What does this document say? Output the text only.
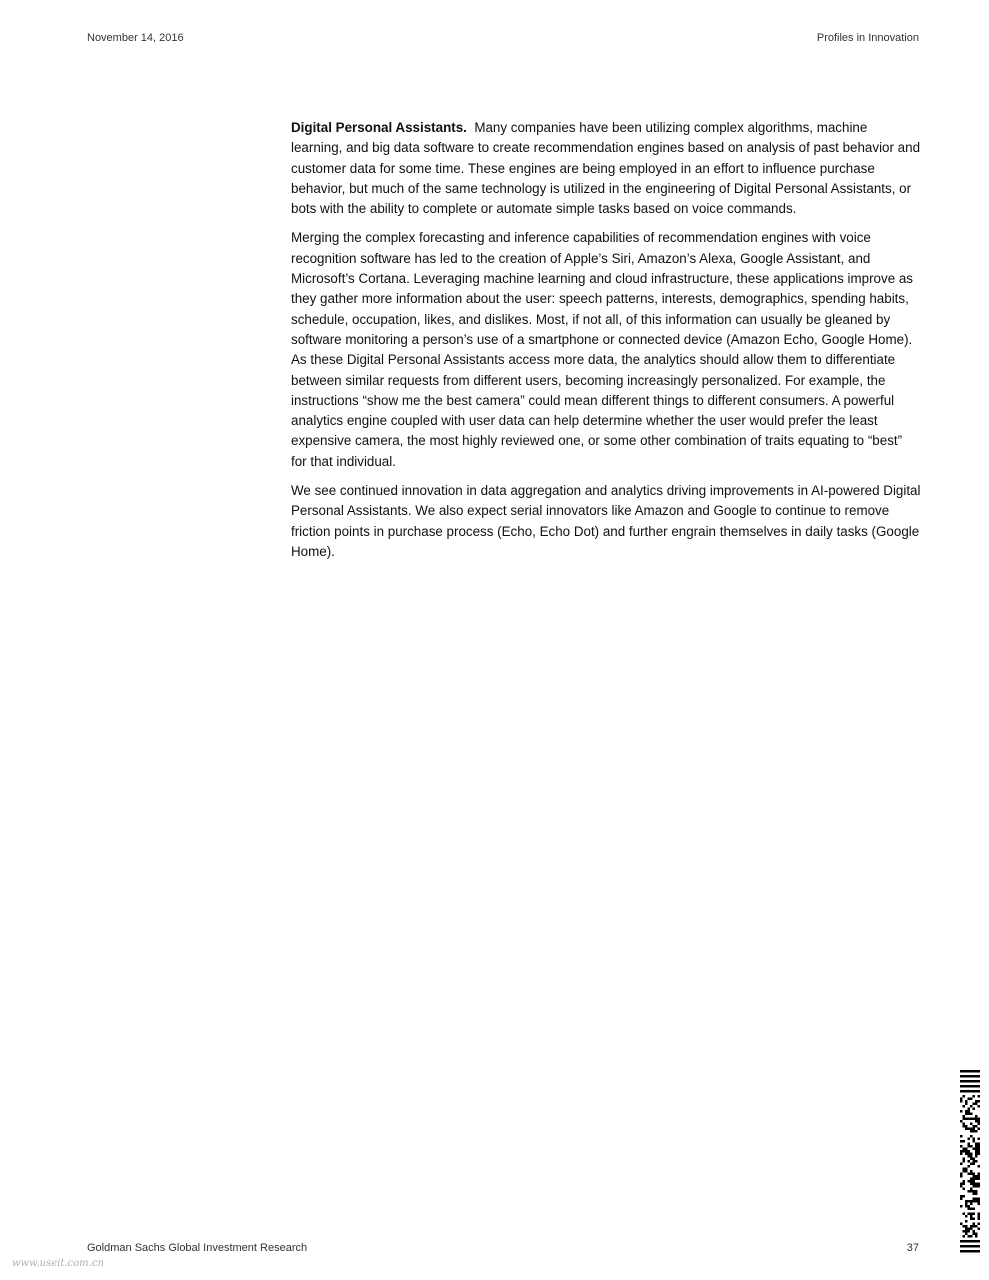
November 14, 2016	Profiles in Innovation

Digital Personal Assistants. Many companies have been utilizing complex algorithms, machine learning, and big data software to create recommendation engines based on analysis of past behavior and customer data for some time. These engines are being employed in an effort to influence purchase behavior, but much of the same technology is utilized in the engineering of Digital Personal Assistants, or bots with the ability to complete or automate simple tasks based on voice commands.

Merging the complex forecasting and inference capabilities of recommendation engines with voice recognition software has led to the creation of Apple’s Siri, Amazon’s Alexa, Google Assistant, and Microsoft’s Cortana. Leveraging machine learning and cloud infrastructure, these applications improve as they gather more information about the user: speech patterns, interests, demographics, spending habits, schedule, occupation, likes, and dislikes. Most, if not all, of this information can usually be gleaned by software monitoring a person’s use of a smartphone or connected device (Amazon Echo, Google Home). As these Digital Personal Assistants access more data, the analytics should allow them to differentiate between similar requests from different users, becoming increasingly personalized. For example, the instructions “show me the best camera” could mean different things to different consumers. A powerful analytics engine coupled with user data can help determine whether the user would prefer the least expensive camera, the most highly reviewed one, or some other combination of traits equating to “best” for that individual.

We see continued innovation in data aggregation and analytics driving improvements in AI-powered Digital Personal Assistants. We also expect serial innovators like Amazon and Google to continue to remove friction points in purchase process (Echo, Echo Dot) and further engrain themselves in daily tasks (Google Home).

Goldman Sachs Global Investment Research	37
www.useit.com.cn
